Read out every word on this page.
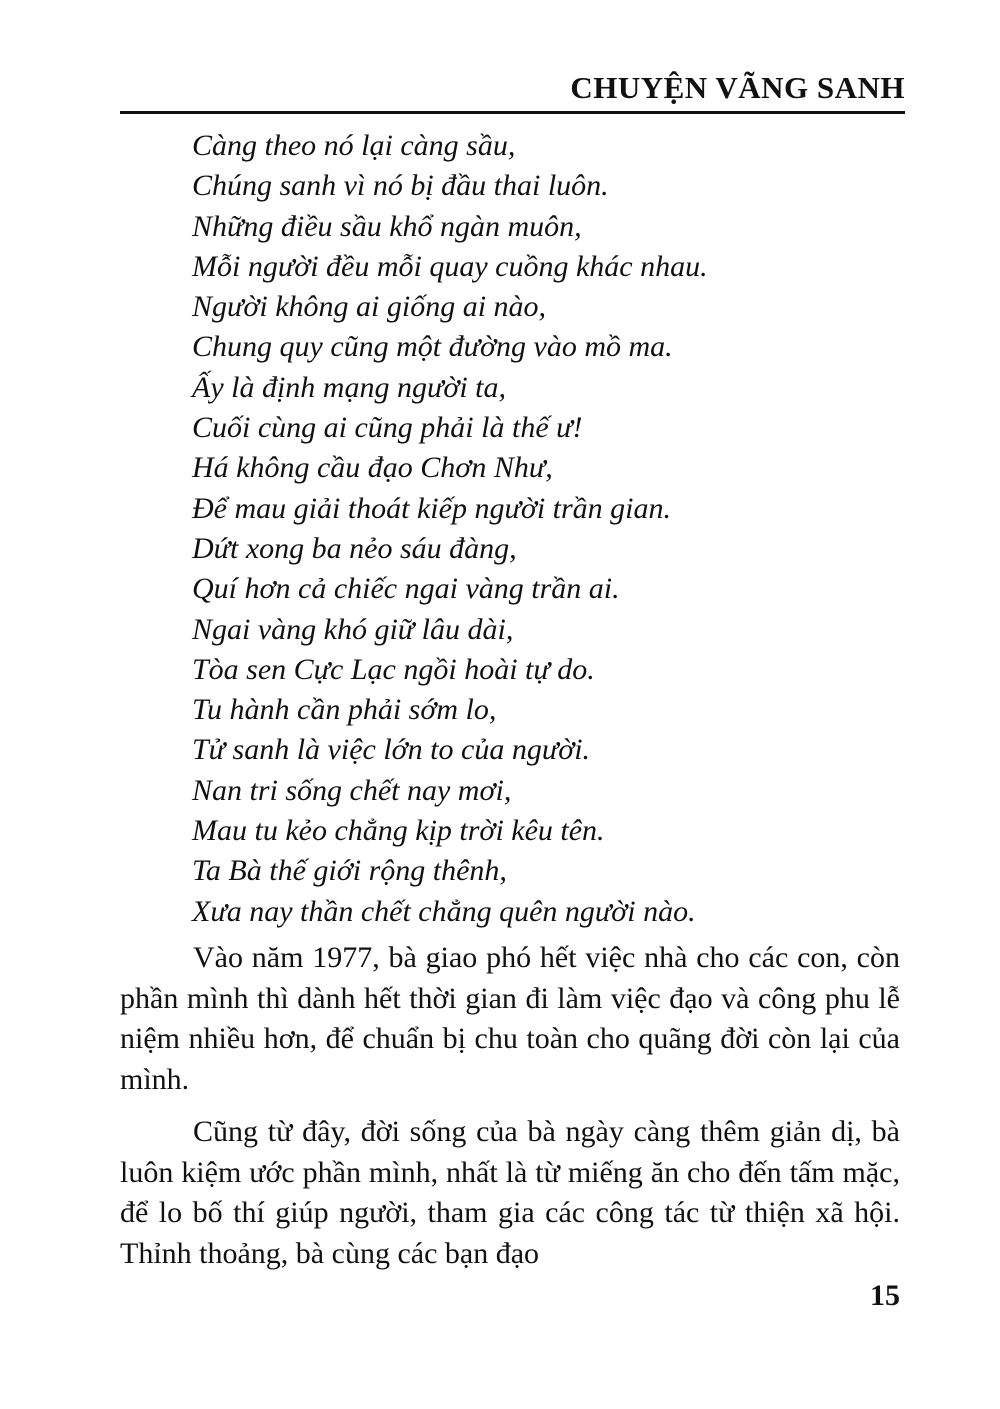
CHUYỆN VÃNG SANH
Càng theo nó lại càng sầu,
Chúng sanh vì nó bị đầu thai luôn.
Những điều sầu khổ ngàn muôn,
Mỗi người đều mỗi quay cuồng khác nhau.
Người không ai giống ai nào,
Chung quy cũng một đường vào mồ ma.
Ấy là định mạng người ta,
Cuối cùng ai cũng phải là thế ư!
Há không cầu đạo Chơn Như,
Để mau giải thoát kiếp người trần gian.
Dứt xong ba nẻo sáu đàng,
Quí hơn cả chiếc ngai vàng trần ai.
Ngai vàng khó giữ lâu dài,
Tòa sen Cực Lạc ngồi hoài tự do.
Tu hành cần phải sớm lo,
Tử sanh là việc lớn to của người.
Nan tri sống chết nay mơi,
Mau tu kẻo chẳng kịp trời kêu tên.
Ta Bà thế giới rộng thênh,
Xưa nay thần chết chẳng quên người nào.

Vào năm 1977, bà giao phó hết việc nhà cho các con, còn phần mình thì dành hết thời gian đi làm việc đạo và công phu lễ niệm nhiều hơn, để chuẩn bị chu toàn cho quãng đời còn lại của mình.

Cũng từ đây, đời sống của bà ngày càng thêm giản dị, bà luôn kiệm ước phần mình, nhất là từ miếng ăn cho đến tấm mặc, để lo bố thí giúp người, tham gia các công tác từ thiện xã hội. Thỉnh thoảng, bà cùng các bạn đạo

15
